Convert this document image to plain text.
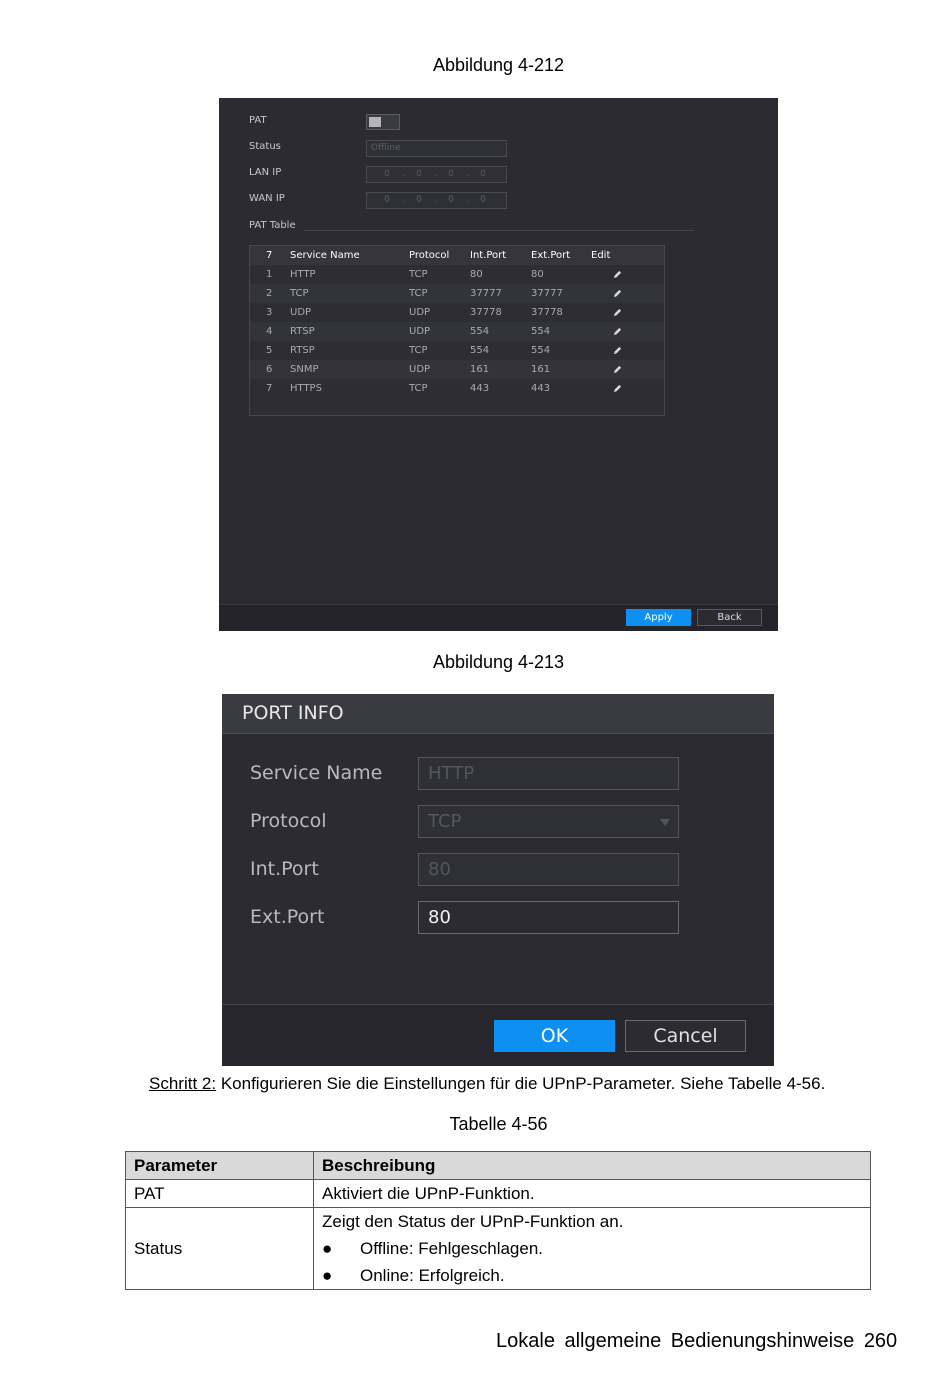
Abbildung 4-212
PAT
Status	Offline
LAN IP	0 . 0 . 0 . 0
WAN IP	0 . 0 . 0 . 0
PAT Table
7 Service Name	Protocol Int.Port Ext.Port Edit
1 HTTP	TCP	80	80
2 TCP	TCP	37777	37777
3 UDP	UDP	37778	37778
4 RTSP	UDP	554	554
5 RTSP	TCP	554	554
6 SNMP	UDP	161	161
7 HTTPS	TCP	443	443
Apply	Back
Abbildung 4-213
PORT INFO
Service Name	HTTP
Protocol	TCP
Int.Port	80
Ext.Port	80
OK	Cancel
Schritt 2: Konfigurieren Sie die Einstellungen für die UPnP-Parameter. Siehe Tabelle 4-56.
Tabelle 4-56
Parameter	Beschreibung
PAT	Aktiviert die UPnP-Funktion.
Status	Zeigt den Status der UPnP-Funktion an.
● Offline: Fehlgeschlagen.
● Online: Erfolgreich.
Lokale allgemeine Bedienungshinweise 260
